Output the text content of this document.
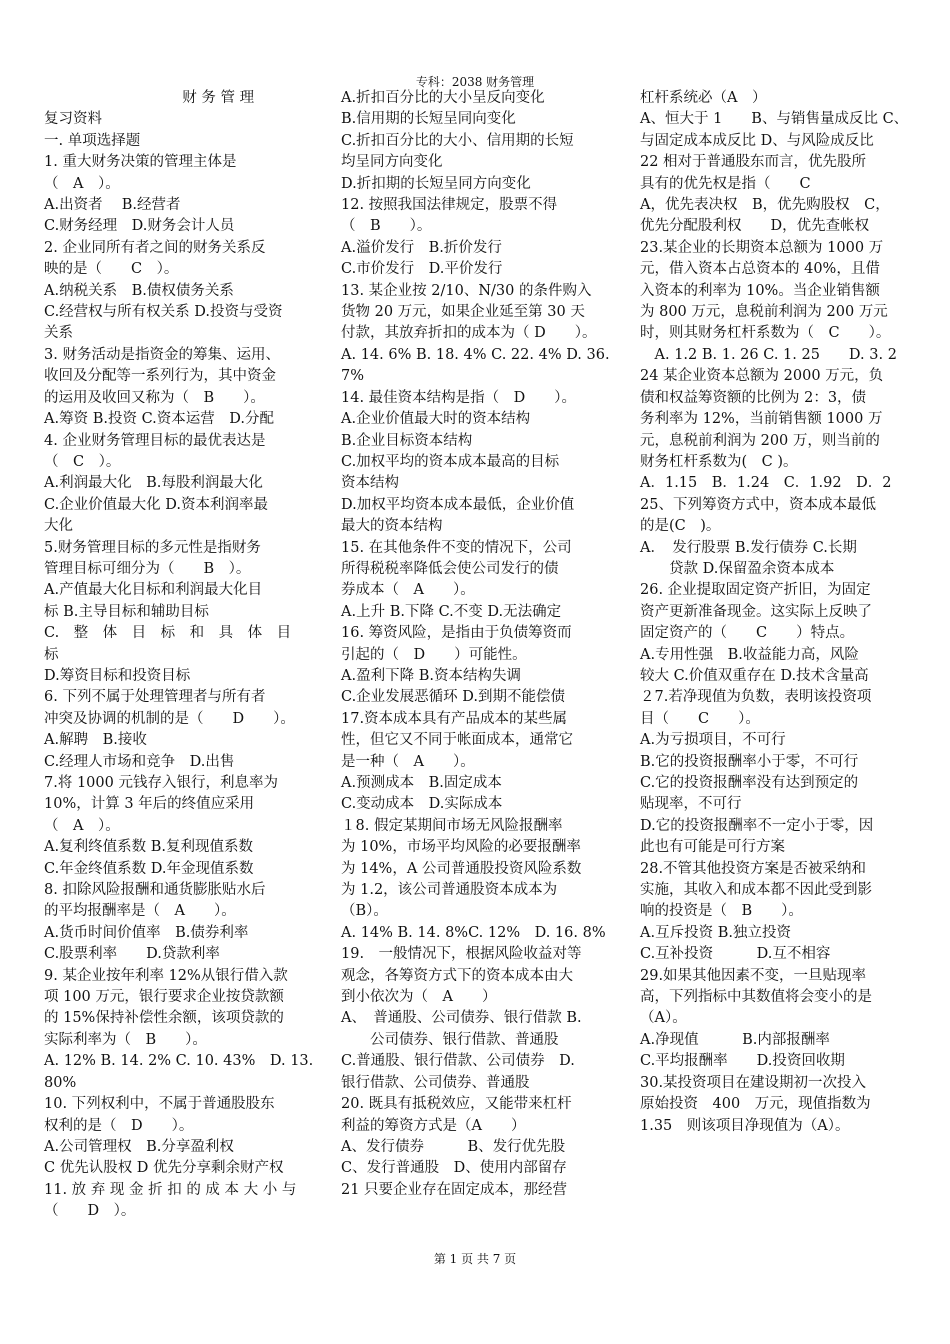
专科：2038 财务管理
财 务 管 理
复习资料
一. 单项选择题
1. 重大财务决策的管理主体是
（　A　）。
A.出资者　 B.经营者
C.财务经理　D.财务会计人员
2. 企业同所有者之间的财务关系反
映的是（　　C　）。
A.纳税关系　B.债权债务关系
C.经营权与所有权关系 D.投资与受资
关系
3. 财务活动是指资金的筹集、运用、
收回及分配等一系列行为，其中资金
的运用及收回又称为（　B　　）。
A.筹资 B.投资 C.资本运营　D.分配
4. 企业财务管理目标的最优表达是
（　C　）。
A.利润最大化　B.每股利润最大化
C.企业价值最大化 D.资本利润率最
大化
5.财务管理目标的多元性是指财务
管理目标可细分为（　　B　）。
A.产值最大化目标和利润最大化目
标 B.主导目标和辅助目标
C.　整　体　目　标　和　具　体　目　标
D.筹资目标和投资目标
6. 下列不属于处理管理者与所有者
冲突及协调的机制的是（　　D　　）。
A.解聘　B.接收
C.经理人市场和竞争　D.出售
7.将 1000 元钱存入银行，利息率为
10%，计算 3 年后的终值应采用
（　A　）。
A.复利终值系数 B.复利现值系数
C.年金终值系数 D.年金现值系数
8. 扣除风险报酬和通货膨胀贴水后
的平均报酬率是（　A　　）。
A.货币时间价值率　B.债券利率
C.股票利率　　D.贷款利率
9. 某企业按年利率 12%从银行借入款
项 100 万元，银行要求企业按贷款额
的 15%保持补偿性余额，该项贷款的
实际利率为（　B　　）。
A. 12% B. 14. 2% C. 10. 43%　D. 13. 80%
10. 下列权利中，不属于普通股股东
权利的是（　D　　）。
A.公司管理权　B.分享盈利权
C 优先认股权 D 优先分享剩余财产权
11. 放 弃 现 金 折 扣 的 成 本 大 小 与
（　　D　）。
A.折扣百分比的大小呈反向变化
B.信用期的长短呈同向变化
C.折扣百分比的大小、信用期的长短
均呈同方向变化
D.折扣期的长短呈同方向变化
12. 按照我国法律规定，股票不得
（　B　　）。
A.溢价发行　B.折价发行
C.市价发行　D.平价发行
13. 某企业按 2/10、N/30 的条件购入
货物 20 万元，如果企业延至第 30 天
付款，其放弃折扣的成本为（ D　　）。
A. 14. 6% B. 18. 4% C. 22. 4% D. 36. 7%
14. 最佳资本结构是指（　D　　）。
A.企业价值最大时的资本结构
B.企业目标资本结构
C.加权平均的资本成本最高的目标
资本结构
D.加权平均资本成本最低，企业价值
最大的资本结构
15. 在其他条件不变的情况下，公司
所得税税率降低会使公司发行的债
券成本（　A　　）。
A.上升 B.下降 C.不变 D.无法确定
16. 筹资风险，是指由于负债筹资而
引起的（　D　　）可能性。
A.盈利下降 B.资本结构失调
C.企业发展恶循环 D.到期不能偿债
17.资本成本具有产品成本的某些属
性，但它又不同于帐面成本，通常它
是一种（　A　　）。
A.预测成本　B.固定成本
C.变动成本　D.实际成本
１8. 假定某期间市场无风险报酬率
为 10%，市场平均风险的必要报酬率
为 14%，A 公司普通股投资风险系数
为 1.2，该公司普通股资本成本为
（B）。
A. 14% B. 14. 8%C. 12%　D. 16. 8%
19.　一般情况下，根据风险收益对等
观念，各筹资方式下的资本成本由大
到小依次为（　A　　）
A、　普通股、公司债券、银行借款 B.
　　公司债券、银行借款、普通股
C.普通股、银行借款、公司债券　D.
银行借款、公司债券、普通股
20. 既具有抵税效应，又能带来杠杆
利益的筹资方式是（A　　）
A、发行债券　　　B、发行优先股
C、发行普通股　D、使用内部留存
21 只要企业存在固定成本，那经营
杠杆系统必（A　）
A、恒大于 1　　B、与销售量成反比 C、
与固定成本成反比 D、与风险成反比
22 相对于普通股东而言，优先股所
具有的优先权是指（　　C
A，优先表决权　B，优先购股权　C，
优先分配股利权　　D，优先查帐权
23.某企业的长期资本总额为 1000 万
元，借入资本占总资本的 40%，且借
入资本的利率为 10%。当企业销售额
为 800 万元，息税前利润为 200 万元
时，则其财务杠杆系数为（　C　　）。
　A. 1.2 B. 1. 26 C. 1. 25　　D. 3. 2
24 某企业资本总额为 2000 万元，负
债和权益筹资额的比例为 2：3，债
务利率为 12%，当前销售额 1000 万
元，息税前利润为 200 万，则当前的
财务杠杆系数为(　C )。
A．1.15　B．1.24　C．1.92　D．2
25、下列筹资方式中，资本成本最低
的是(C　)。
A．　发行股票 B.发行债券 C.长期
　　贷款 D.保留盈余资本成本
26. 企业提取固定资产折旧，为固定
资产更新准备现金。这实际上反映了
固定资产的（　　C　　）特点。
A.专用性强　B.收益能力高，风险
较大 C.价值双重存在 D.技术含量高
２7.若净现值为负数，表明该投资项
目（　　C　　）。
A.为亏损项目，不可行
B.它的投资报酬率小于零，不可行
C.它的投资报酬率没有达到预定的
贴现率，不可行
D.它的投资报酬率不一定小于零，因
此也有可能是可行方案
28.不管其他投资方案是否被采纳和
实施，其收入和成本都不因此受到影
响的投资是（　B　　）。
A.互斥投资 B.独立投资
C.互补投资　　　D.互不相容
29.如果其他因素不变，一旦贴现率
高，下列指标中其数值将会变小的是
（A）。
A.净现值　　　B.内部报酬率
C.平均报酬率　　D.投资回收期
30.某投资项目在建设期初一次投入
原始投资　400　万元，现值指数为
1.35　则该项目净现值为（A）。
第 1 页 共 7 页
